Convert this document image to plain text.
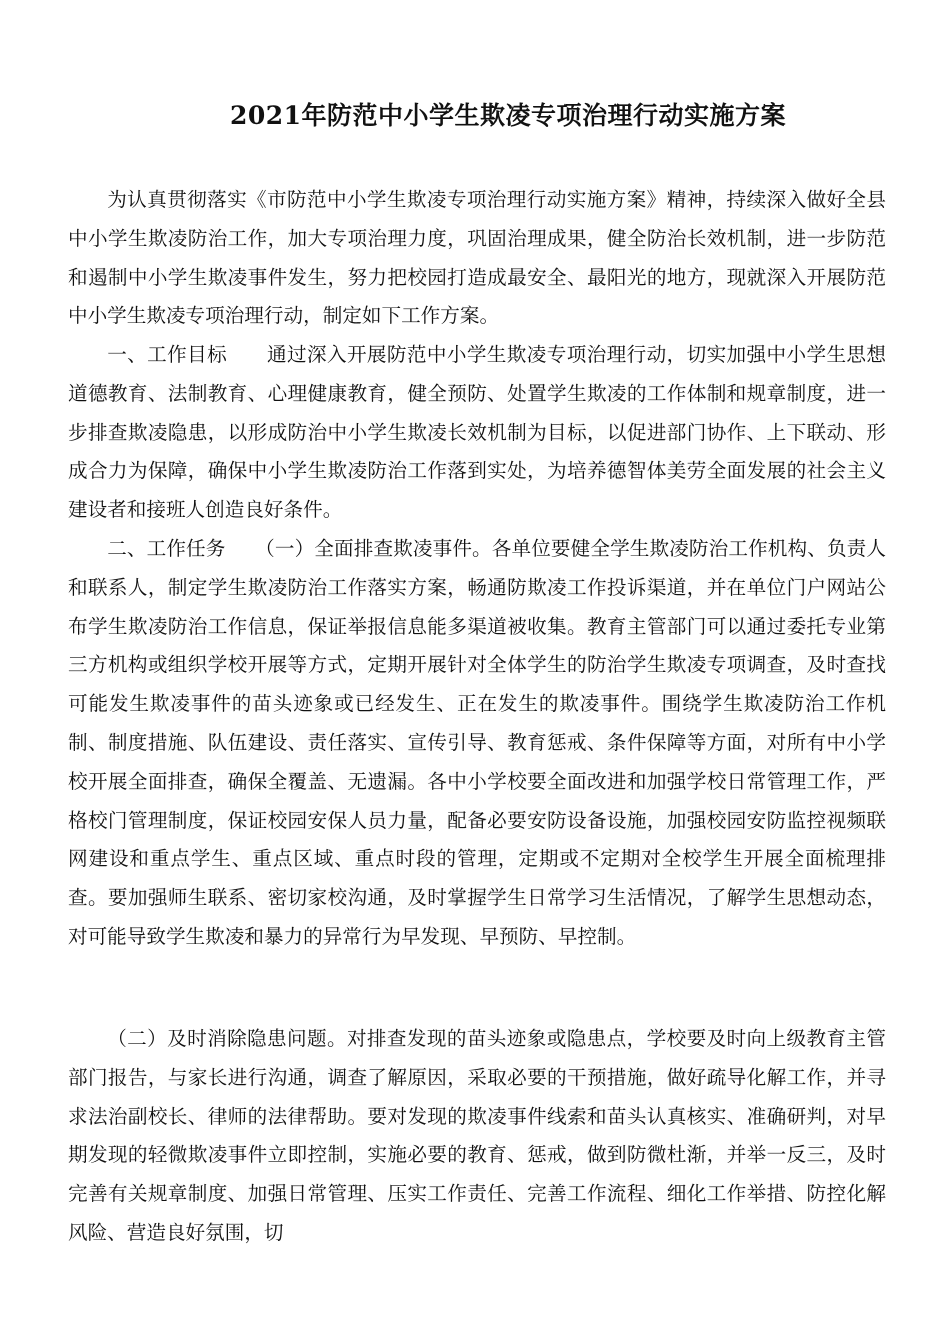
2021年防范中小学生欺凌专项治理行动实施方案

为认真贯彻落实《市防范中小学生欺凌专项治理行动实施方案》精神，持续深入做好全县中小学生欺凌防治工作，加大专项治理力度，巩固治理成果，健全防治长效机制，进一步防范和遏制中小学生欺凌事件发生，努力把校园打造成最安全、最阳光的地方，现就深入开展防范中小学生欺凌专项治理行动，制定如下工作方案。

一、工作目标　　通过深入开展防范中小学生欺凌专项治理行动，切实加强中小学生思想道德教育、法制教育、心理健康教育，健全预防、处置学生欺凌的工作体制和规章制度，进一步排查欺凌隐患，以形成防治中小学生欺凌长效机制为目标，以促进部门协作、上下联动、形成合力为保障，确保中小学生欺凌防治工作落到实处，为培养德智体美劳全面发展的社会主义建设者和接班人创造良好条件。

二、工作任务　　（一）全面排查欺凌事件。各单位要健全学生欺凌防治工作机构、负责人和联系人，制定学生欺凌防治工作落实方案，畅通防欺凌工作投诉渠道，并在单位门户网站公布学生欺凌防治工作信息，保证举报信息能多渠道被收集。教育主管部门可以通过委托专业第三方机构或组织学校开展等方式，定期开展针对全体学生的防治学生欺凌专项调查，及时查找可能发生欺凌事件的苗头迹象或已经发生、正在发生的欺凌事件。围绕学生欺凌防治工作机制、制度措施、队伍建设、责任落实、宣传引导、教育惩戒、条件保障等方面，对所有中小学校开展全面排查，确保全覆盖、无遗漏。各中小学校要全面改进和加强学校日常管理工作，严格校门管理制度，保证校园安保人员力量，配备必要安防设备设施，加强校园安防监控视频联网建设和重点学生、重点区域、重点时段的管理，定期或不定期对全校学生开展全面梳理排查。要加强师生联系、密切家校沟通，及时掌握学生日常学习生活情况，了解学生思想动态，对可能导致学生欺凌和暴力的异常行为早发现、早预防、早控制。

（二）及时消除隐患问题。对排查发现的苗头迹象或隐患点，学校要及时向上级教育主管部门报告，与家长进行沟通，调查了解原因，采取必要的干预措施，做好疏导化解工作，并寻求法治副校长、律师的法律帮助。要对发现的欺凌事件线索和苗头认真核实、准确研判，对早期发现的轻微欺凌事件立即控制，实施必要的教育、惩戒，做到防微杜渐，并举一反三，及时完善有关规章制度、加强日常管理、压实工作责任、完善工作流程、细化工作举措、防控化解风险、营造良好氛围，切
